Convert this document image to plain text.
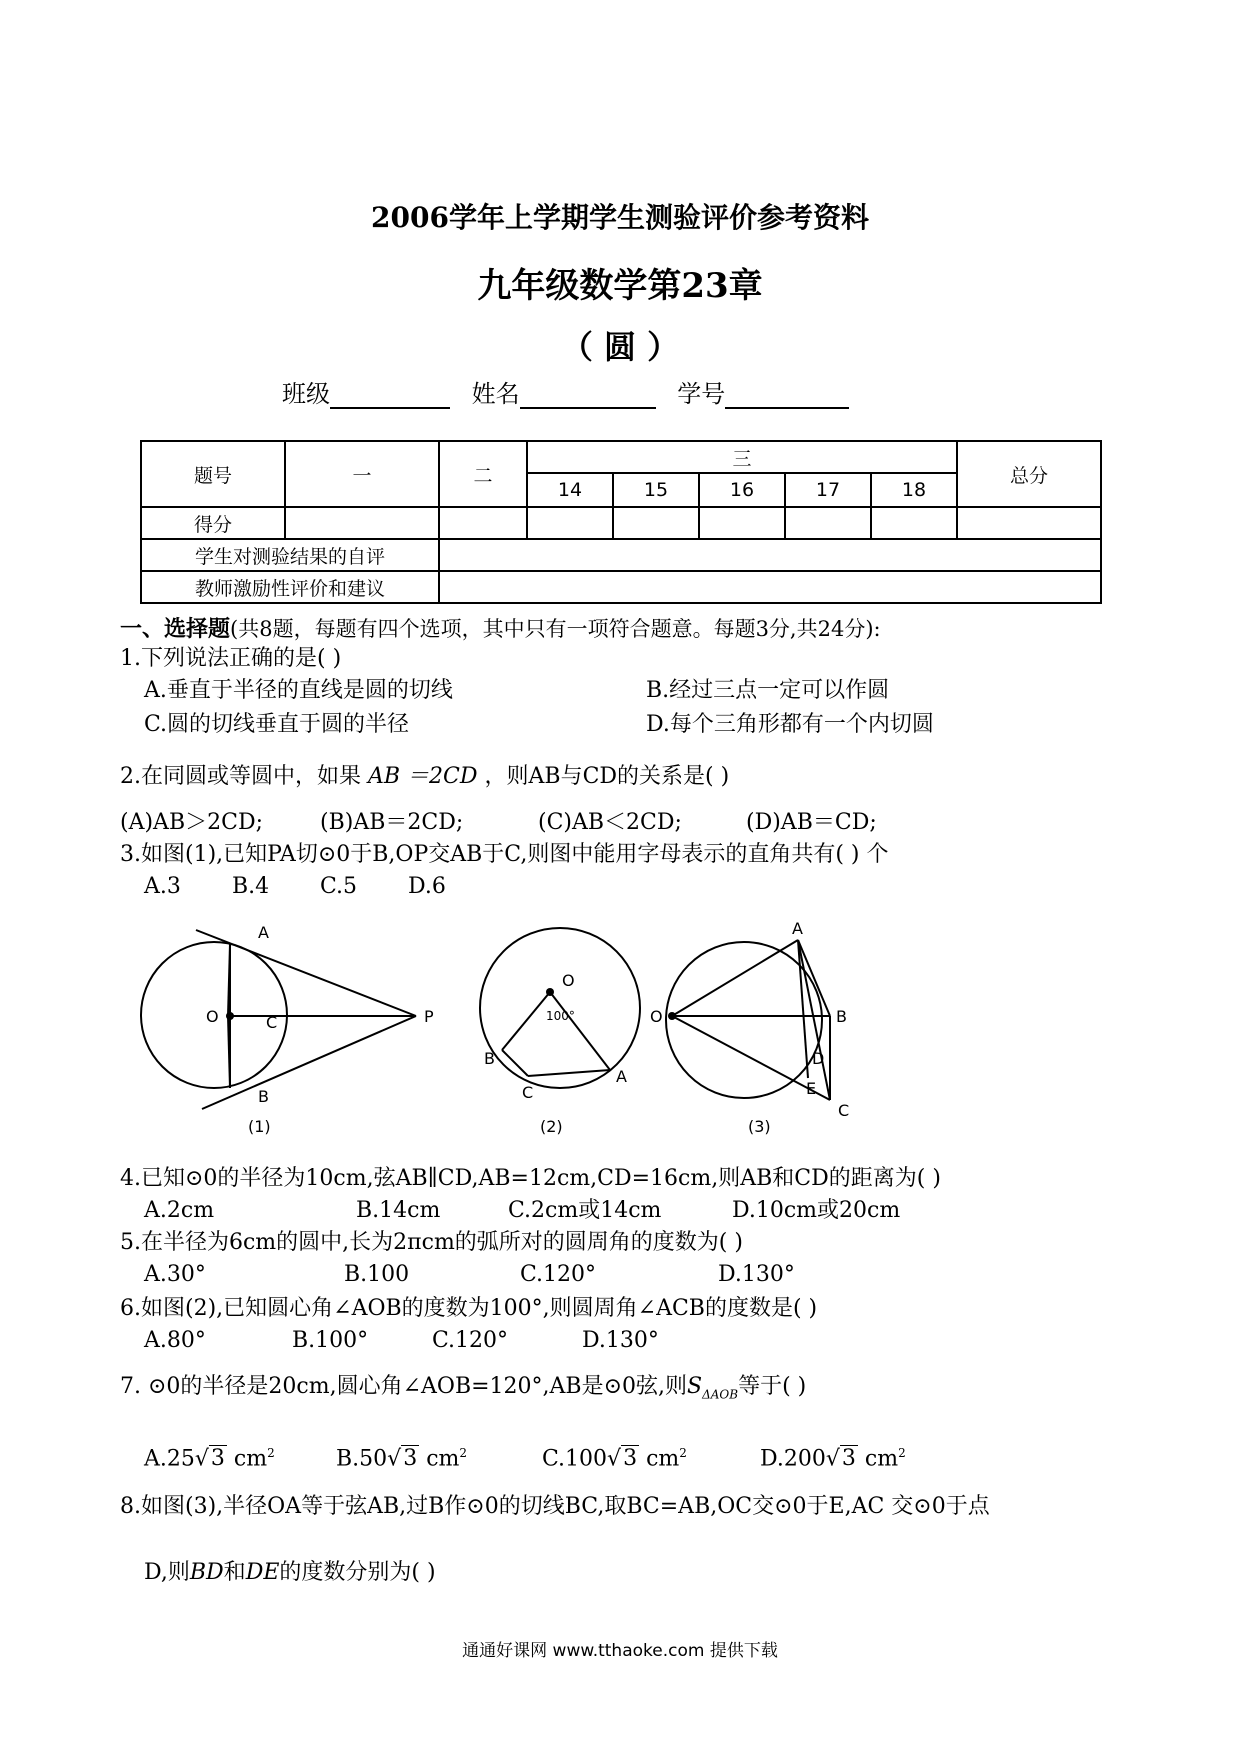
2006学年上学期学生测验评价参考资料
九年级数学第23章
（ 圆 ）
班级	姓名	学号
题号	一	二	三					总分
			14	15	16	17	18	
得分								
学生对测验结果的自评								
教师激励性评价和建议								
一、选择题(共8题，每题有四个选项，其中只有一项符合题意。每题3分,共24分):
1.下列说法正确的是( )
A.垂直于半径的直线是圆的切线	B.经过三点一定可以作圆
C.圆的切线垂直于圆的半径	D.每个三角形都有一个内切圆
2.在同圆或等圆中，如果 AB ＝2CD ，则AB与CD的关系是( )
(A)AB＞2CD;	(B)AB＝2CD;	(C)AB＜2CD;	(D)AB＝CD;
3.如图(1),已知PA切⊙0于B,OP交AB于C,则图中能用字母表示的直角共有( ) 个
A.3 B.4 C.5 D.6
A
B
O	C	P
(1)
O
100°
B
C
A
(2)
A
O	B
D
E
C
(3)
4.已知⊙0的半径为10cm,弦AB∥CD,AB=12cm,CD=16cm,则AB和CD的距离为( )
A.2cm	B.14cm	C.2cm或14cm	D.10cm或20cm
5.在半径为6cm的圆中,长为2πcm的弧所对的圆周角的度数为( )
A.30°	B.100	C.120°	D.130°
6.如图(2),已知圆心角∠AOB的度数为100°,则圆周角∠ACB的度数是( )
A.80°	B.100°	C.120°	D.130°
7. ⊙0的半径是20cm,圆心角∠AOB=120°,AB是⊙0弦,则$S_{\Delta AOB}$等于( )
A.25√3 $cm^2$	B.50√3 $cm^2$	C.100√3 $cm^2$	D.200√3 $cm^2$
8.如图(3),半径OA等于弦AB,过B作⊙0的切线BC,取BC=AB,OC交⊙0于E,AC 交⊙0于点
D,则BD和DE的度数分别为( )
通通好课网 www.tthaoke.com 提供下载
